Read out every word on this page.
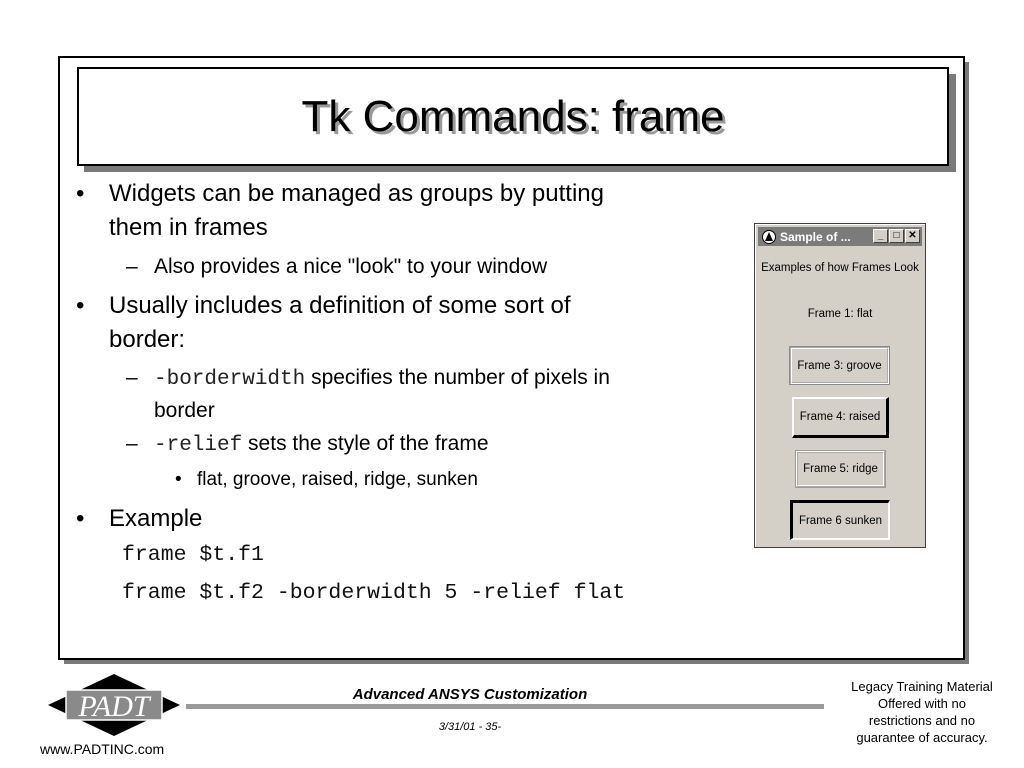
Tk Commands: frame
• Widgets can be managed as groups by putting
them in frames
– Also provides a nice "look" to your window
• Usually includes a definition of some sort of
border:
– -borderwidth specifies the number of pixels in
border
– -relief sets the style of the frame
• flat, groove, raised, ridge, sunken
• Example
frame $t.f1
frame $t.f2 -borderwidth 5 -relief flat
Sample of ...	_	□ ✕
Examples of how Frames Look
Frame 1: flat
Frame 3: groove
Frame 4: raised
Frame 5: ridge
Frame 6 sunken
PADT
www.PADTINC.com
Advanced ANSYS Customization
3/31/01 - 35-
Legacy Training Material
Offered with no
restrictions and no
guarantee of accuracy.
